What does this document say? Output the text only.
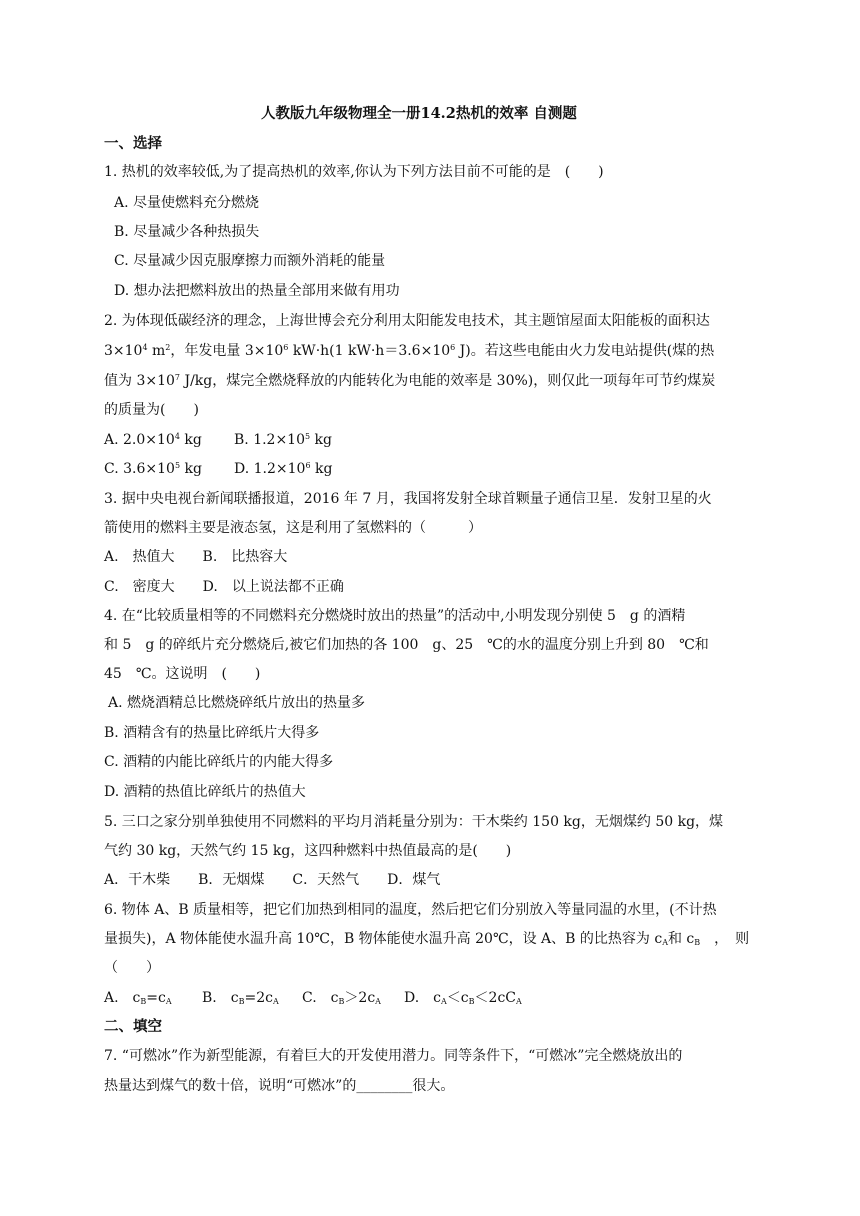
人教版九年级物理全一册14.2热机的效率 自测题
一、选择
1. 热机的效率较低,为了提高热机的效率,你认为下列方法目前不可能的是　(　　)
A. 尽量使燃料充分燃烧
B. 尽量减少各种热损失
C. 尽量减少因克服摩擦力而额外消耗的能量
D. 想办法把燃料放出的热量全部用来做有用功
2. 为体现低碳经济的理念，上海世博会充分利用太阳能发电技术，其主题馆屋面太阳能板的面积达
$3\times 10^4$ $m^2$，年发电量 $3\times 10^6$ kW·h(1 $kW\cdot h=3.6\times 10^6$ J)。若这些电能由火力发电站提供(煤的热
值为 $3\times 10^7$ J/kg，煤完全燃烧释放的内能转化为电能的效率是 30%)，则仅此一项每年可节约煤炭
的质量为(　　)
A. $2.0\times 10^4$ kg B. $1.2\times 10^5$ kg
C. $3.6\times 10^5$ kg D. $1.2\times 10^6$ kg
3. 据中央电视台新闻联播报道，2016 年 7 月，我国将发射全球首颗量子通信卫星．发射卫星的火
箭使用的燃料主要是液态氢，这是利用了氢燃料的（　　　）
A.　热值大　　B.　比热容大
C.　密度大　　D.　以上说法都不正确
4. 在“比较质量相等的不同燃料充分燃烧时放出的热量”的活动中,小明发现分别使 5　g 的酒精
和 5　g 的碎纸片充分燃烧后,被它们加热的各 100　g、25　℃的水的温度分别上升到 80　℃和
45　℃。这说明　(　　)
A. 燃烧酒精总比燃烧碎纸片放出的热量多
B. 酒精含有的热量比碎纸片大得多
C. 酒精的内能比碎纸片的内能大得多
D. 酒精的热值比碎纸片的热值大
5. 三口之家分别单独使用不同燃料的平均月消耗量分别为：干木柴约 150 kg，无烟煤约 50 kg，煤
气约 30 kg，天然气约 15 kg，这四种燃料中热值最高的是(　　)
A．干木柴　　B．无烟煤　　C．天然气　　D．煤气
6. 物体 A、B 质量相等，把它们加热到相同的温度，然后把它们分别放入等量同温的水里，(不计热
量损失)，A 物体能使水温升高 10℃，B 物体能使水温升高 20℃，设 A、B 的比热容为 $c_A$和 $c_B$　，　则
（　　）
A.　$c_B=c_A$ B.　$c_B=2c_A$ C.　$c_B>2c_A$ D.　$c_A<c_B<2cC_A$
二、填空
7. “可燃冰”作为新型能源，有着巨大的开发使用潜力。同等条件下，“可燃冰”完全燃烧放出的
热量达到煤气的数十倍，说明“可燃冰”的________很大。
